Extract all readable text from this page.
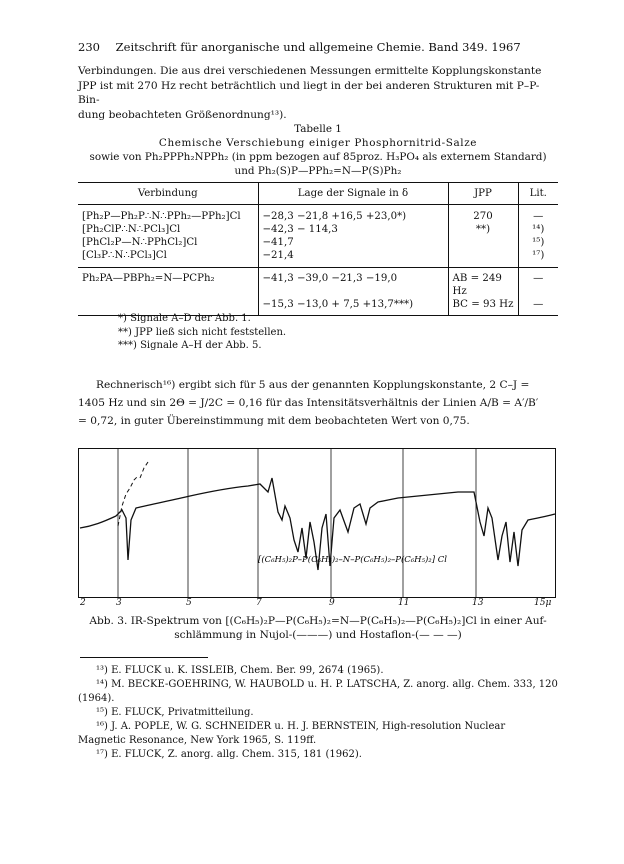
230 Zeitschrift für anorganische und allgemeine Chemie. Band 349. 1967
Verbindungen. Die aus drei verschiedenen Messungen ermittelte Kopplungskonstante
JPP ist mit 270 Hz recht beträchtlich und liegt in der bei anderen Strukturen mit P–P-Bin-
dung beobachteten Größenordnung¹³).
Tabelle 1
Chemische Verschiebung einiger Phosphornitrid-Salze
sowie von Ph₂PPPh₂NPPh₂ (in ppm bezogen auf 85proz. H₃PO₄ als externem Standard)
und Ph₂(S)P—PPh₂=N—P(S)Ph₂
Verbindung	Lage der Signale in δ	JPP	Lit.
[Ph₂P—Ph₂P∴N∴PPh₂—PPh₂]Cl	−28,3 −21,8 +16,5 +23,0*)	270	—
[Ph₂ClP∴N∴PCl₃]Cl	−42,3 − 114,3	**)	¹⁴)
[PhCl₂P—N∴PPhCl₂]Cl	−41,7		¹⁵)
[Cl₃P∴N∴PCl₃]Cl	−21,4		¹⁷)
Ph₂PA—PBPh₂=N—PCPh₂	−41,3 −39,0 −21,3 −19,0	AB = 249 Hz	—
	−15,3 −13,0 + 7,5 +13,7***)	BC = 93 Hz	—
*) Signale A–D der Abb. 1.
**) JPP ließ sich nicht feststellen.
***) Signale A–H der Abb. 5.
Rechnerisch¹⁶) ergibt sich für 5 aus der genannten Kopplungskonstante, 2 C–J =
1405 Hz und sin 2Θ = J/2C = 0,16 für das Intensitätsverhältnis der Linien A/B = A′/B′
= 0,72, in guter Übereinstimmung mit dem beobachteten Wert von 0,75.
[(C₆H₅)₂P–P(C₆H₅)₂–N–P(C₆H₅)₂–P(C₆H₅)₂] Cl
2	3	5	7	9	11	13	15μ
Abb. 3. IR-Spektrum von [(C₆H₅)₂P—P(C₆H₅)₂=N—P(C₆H₅)₂—P(C₆H₅)₂]Cl in einer Auf-
schlämmung in Nujol-(———) und Hostaflon-(— — —)
¹³) E. FLUCK u. K. ISSLEIB, Chem. Ber. 99, 2674 (1965).
¹⁴) M. BECKE-GOEHRING, W. HAUBOLD u. H. P. LATSCHA, Z. anorg. allg. Chem. 333, 120
(1964).
¹⁵) E. FLUCK, Privatmitteilung.
¹⁶) J. A. POPLE, W. G. SCHNEIDER u. H. J. BERNSTEIN, High-resolution Nuclear
Magnetic Resonance, New York 1965, S. 119ff.
¹⁷) E. FLUCK, Z. anorg. allg. Chem. 315, 181 (1962).
